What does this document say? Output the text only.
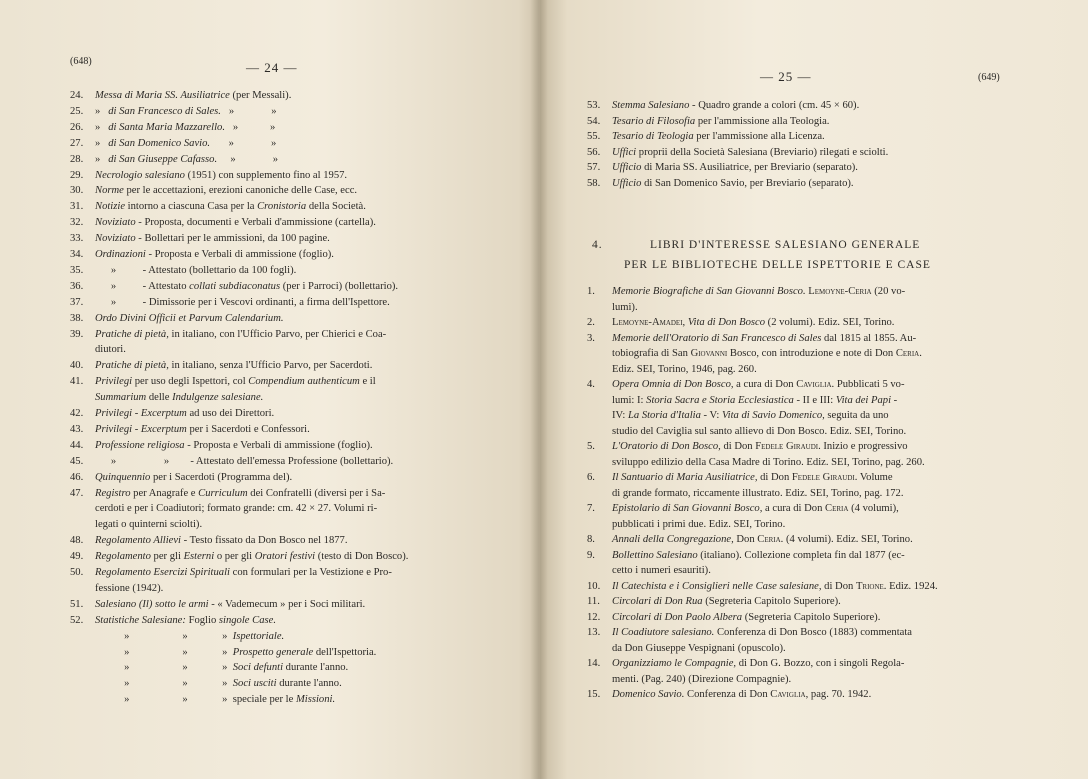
(648)	— 24 —
24. Messa di Maria SS. Ausiliatrice (per Messali).
25. »   di San Francesco di Sales.   »              »
26. »   di Santa Maria Mazzarello.   »            »
27. »   di San Domenico Savio.       »              »
28. »   di San Giuseppe Cafasso.     »              »
29. Necrologio salesiano (1951) con supplemento fino al 1957.
30. Norme per le accettazioni, erezioni canoniche delle Case, ecc.
31. Notizie intorno a ciascuna Casa per la Cronistoria della Società.
32. Noviziato - Proposta, documenti e Verbali d'ammissione (cartella).
33. Noviziato - Bollettari per le ammissioni, da 100 pagine.
34. Ordinazioni - Proposta e Verbali di ammissione (foglio).
35. »          - Attestato (bollettario da 100 fogli).
36. »          - Attestato collati subdiaconatus (per i Parroci) (bollettario).
37. »          - Dimissorie per i Vescovi ordinanti, a firma dell'Ispettore.
38. Ordo Divini Officii et Parvum Calendarium.
39. Pratiche di pietà, in italiano, con l'Ufficio Parvo, per Chierici e Coa-
diutori.
40. Pratiche di pietà, in italiano, senza l'Ufficio Parvo, per Sacerdoti.
41. Privilegi per uso degli Ispettori, col Compendium authenticum e il
Summarium delle Indulgenze salesiane.
42. Privilegi - Excerptum ad uso dei Direttori.
43. Privilegi - Excerptum per i Sacerdoti e Confessori.
44. Professione religiosa - Proposta e Verbali di ammissione (foglio).
45. »                  »        - Attestato dell'emessa Professione (bollettario).
46. Quinquennio per i Sacerdoti (Programma del).
47. Registro per Anagrafe e Curriculum dei Confratelli (diversi per i Sa-
cerdoti e per i Coadiutori; formato grande: cm. 42 × 27. Volumi ri-
legati o quinterni sciolti).
48. Regolamento Allievi - Testo fissato da Don Bosco nel 1877.
49. Regolamento per gli Esterni o per gli Oratori festivi (testo di Don Bosco).
50. Regolamento Esercizi Spirituali con formulari per la Vestizione e Pro-
fessione (1942).
51. Salesiano (Il) sotto le armi - « Vademecum » per i Soci militari.
52. Statistiche Salesiane: Foglio singole Case.
»                    »             »  Ispettoriale.
»                    »             »  Prospetto generale dell'Ispettoria.
»                    »             »  Soci defunti durante l'anno.
»                    »             »  Soci usciti durante l'anno.
»                    »             »  speciale per le Missioni.
— 25 —	(649)
53. Stemma Salesiano - Quadro grande a colori (cm. 45 × 60).
54. Tesario di Filosofia per l'ammissione alla Teologia.
55. Tesario di Teologia per l'ammissione alla Licenza.
56. Uffici proprii della Società Salesiana (Breviario) rilegati e sciolti.
57. Ufficio di Maria SS. Ausiliatrice, per Breviario (separato).
58. Ufficio di San Domenico Savio, per Breviario (separato).
4.	LIBRI D'INTERESSE SALESIANO GENERALE
PER LE BIBLIOTECHE DELLE ISPETTORIE E CASE
1. Memorie Biografiche di San Giovanni Bosco. Lemoyne-Ceria (20 vo-
lumi).
2. Lemoyne-Amadei, Vita di Don Bosco (2 volumi). Ediz. SEI, Torino.
3. Memorie dell'Oratorio di San Francesco di Sales dal 1815 al 1855. Au-
tobiografia di San Giovanni Bosco, con introduzione e note di Don Ceria.
Ediz. SEI, Torino, 1946, pag. 260.
4. Opera Omnia di Don Bosco, a cura di Don Caviglia. Pubblicati 5 vo-
lumi: I: Storia Sacra e Storia Ecclesiastica - II e III: Vita dei Papi -
IV: La Storia d'Italia - V: Vita di Savio Domenico, seguita da uno
studio del Caviglia sul santo allievo di Don Bosco. Ediz. SEI, Torino.
5. L'Oratorio di Don Bosco, di Don Fedele Giraudi. Inizio e progressivo
sviluppo edilizio della Casa Madre di Torino. Ediz. SEI, Torino, pag. 260.
6. Il Santuario di Maria Ausiliatrice, di Don Fedele Giraudi. Volume
di grande formato, riccamente illustrato. Ediz. SEI, Torino, pag. 172.
7. Epistolario di San Giovanni Bosco, a cura di Don Ceria (4 volumi),
pubblicati i primi due. Ediz. SEI, Torino.
8. Annali della Congregazione, Don Ceria. (4 volumi). Ediz. SEI, Torino.
9. Bollettino Salesiano (italiano). Collezione completa fin dal 1877 (ec-
cetto i numeri esauriti).
10. Il Catechista e i Consiglieri nelle Case salesiane, di Don Trione. Ediz. 1924.
11. Circolari di Don Rua (Segreteria Capitolo Superiore).
12. Circolari di Don Paolo Albera (Segreteria Capitolo Superiore).
13. Il Coadiutore salesiano. Conferenza di Don Bosco (1883) commentata
da Don Giuseppe Vespignani (opuscolo).
14. Organizziamo le Compagnie, di Don G. Bozzo, con i singoli Regola-
menti. (Pag. 240) (Direzione Compagnie).
15. Domenico Savio. Conferenza di Don Caviglia, pag. 70. 1942.
